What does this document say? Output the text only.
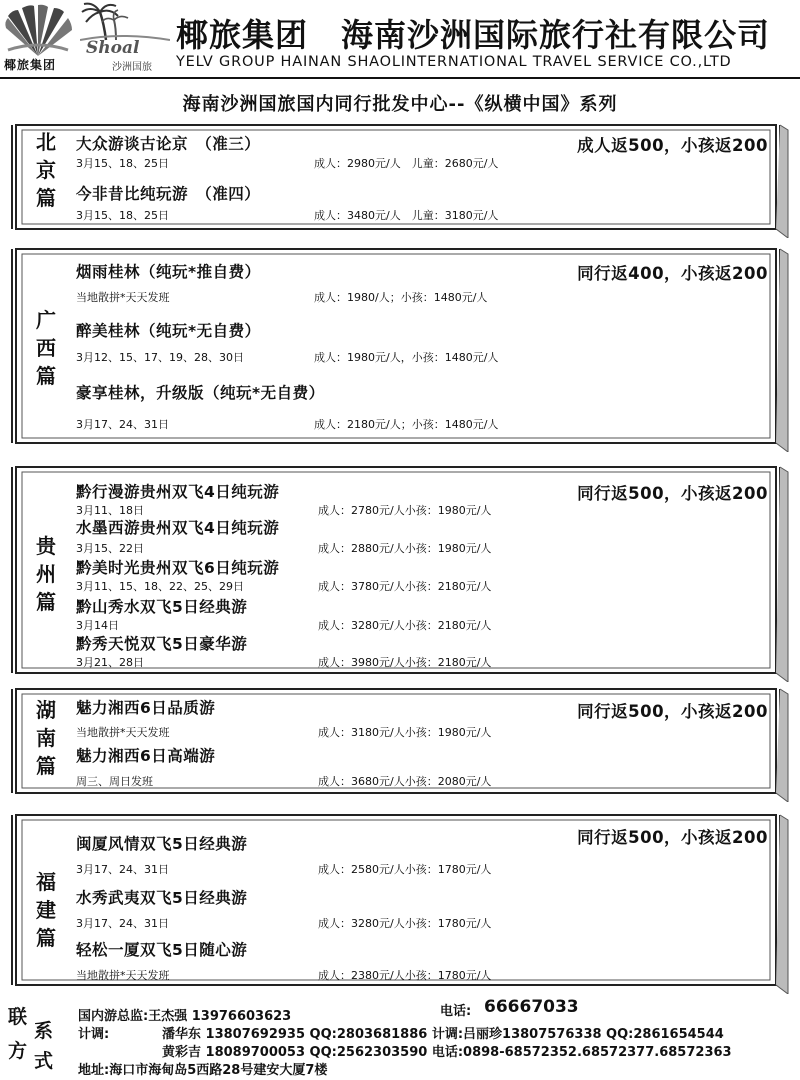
椰旅集团
Shoal
沙洲国旅
椰旅集团　海南沙洲国际旅行社有限公司
YELV GROUP HAINAN SHAOLINTERNATIONAL TRAVEL SERVICE CO.,LTD
海南沙洲国旅国内同行批发中心--《纵横中国》系列
北京篇
大众游谈古论京　（准三）
3月15、18、25日	成人：2980元/人　儿童：2680元/人
今非昔比纯玩游　（准四）
3月15、18、25日	成人：3480元/人　儿童：3180元/人
成人返500，小孩返200
广西篇
烟雨桂林（纯玩*推自费）
当地散拼*天天发班	成人：1980/人；小孩：1480元/人
醉美桂林（纯玩*无自费）
3月12、15、17、19、28、30日	成人：1980元/人，小孩：1480元/人
豪享桂林，升级版（纯玩*无自费）
3月17、24、31日	成人：2180元/人；小孩：1480元/人
同行返400，小孩返200
贵州篇
黔行漫游贵州双飞4日纯玩游
3月11、18日	成人：2780元/人小孩：1980元/人
水墨西游贵州双飞4日纯玩游
3月15、22日	成人：2880元/人小孩：1980元/人
黔美时光贵州双飞6日纯玩游
3月11、15、18、22、25、29日	成人：3780元/人小孩：2180元/人
黔山秀水双飞5日经典游
3月14日	成人：3280元/人小孩：2180元/人
黔秀天悦双飞5日豪华游
3月21、28日	成人：3980元/人小孩：2180元/人
同行返500，小孩返200
湖南篇
魅力湘西6日品质游
当地散拼*天天发班	成人：3180元/人小孩：1980元/人
魅力湘西6日高端游
周三、周日发班	成人：3680元/人小孩：2080元/人
同行返500，小孩返200
福建篇
闽厦风情双飞5日经典游
3月17、24、31日	成人：2580元/人小孩：1780元/人
水秀武夷双飞5日经典游
3月17、24、31日	成人：3280元/人小孩：1780元/人
轻松一厦双飞5日随心游
当地散拼*天天发班	成人：2380元/人小孩：1780元/人
同行返500，小孩返200
联
系
方 式
国内游总监:王杰强 13976603623	电话: 66667033
计调:	潘华东 13807692935 QQ:2803681886 计调:吕丽珍13807576338 QQ:2861654544
黄彩吉 18089700053 QQ:2562303590 电话:0898-68572352.68572377.68572363
地址:海口市海甸岛5西路28号建安大厦7楼
